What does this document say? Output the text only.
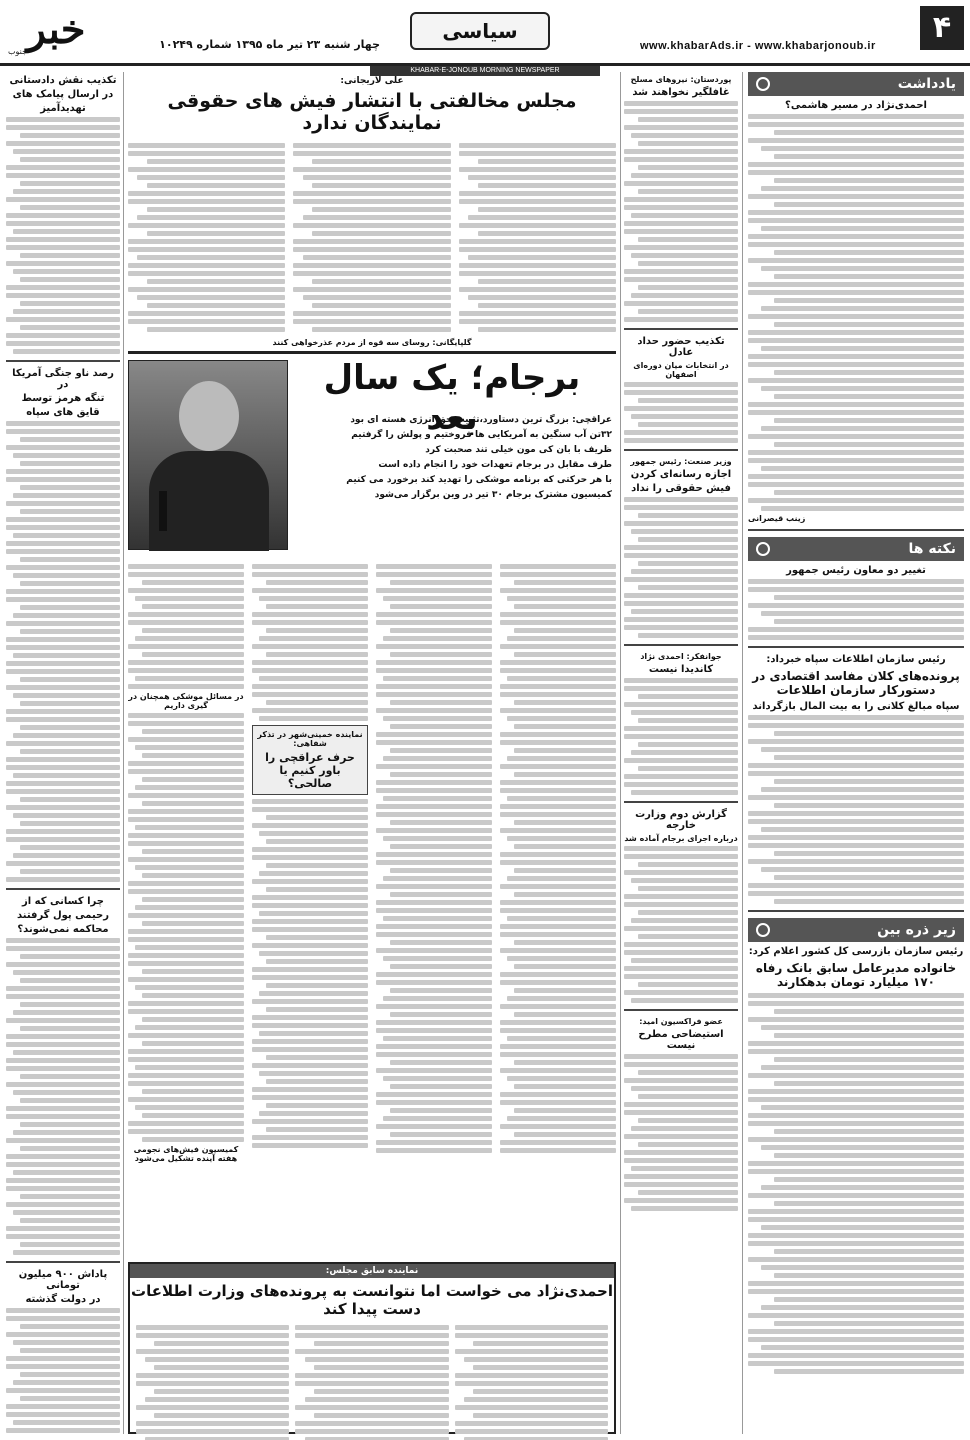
۴
www.khabarAds.ir - www.khabarjonoub.ir
سیاسی
چهار شنبه ۲۳ تیر ماه ۱۳۹۵ شماره ۱۰۲۴۹
خبر
جنوب
KHABAR-E-JONOUB MORNING NEWSPAPER
یادداشت
احمدی‌نژاد در مسیر هاشمی؟
زینب قیصرانی
نکته ها
تغییر دو معاون رئیس جمهور
رئیس سازمان اطلاعات سپاه خبرداد:
پرونده‌های کلان مفاسد اقتصادی در دستورکار سازمان اطلاعات
سپاه مبالغ کلانی را به بیت المال بازگرداند
زیر ذره بین
رئیس سازمان بازرسی کل کشور اعلام کرد:
خانواده مدیرعامل سابق بانک رفاه ۱۷۰ میلیارد تومان بدهکارند
پوردستان: نیروهای مسلح
غافلگیر نخواهند شد
تکذیب حضور حداد عادل
در انتخابات میان دوره‌ای اصفهان
وزیر صنعت: رئیس جمهور
اجازه رسانه‌ای کردن
فیش حقوقی را نداد
جوانفکر: احمدی نژاد
کاندیدا نیست
گزارش دوم وزارت خارجه
درباره اجرای برجام آماده شد
عضو فراکسیون امید:
استیضاحی مطرح نیست
علی لاریجانی:
مجلس مخالفتی با انتشار فیش های حقوقی نمایندگان ندارد
گلپایگانی: روسای سه قوه از مردم عذرخواهی کنند
برجام؛ یک سال بعد
عراقچی: بزرگ ترین دستاورد،تثبیت حق انرژی هسته ای بود
۳۲تن آب سنگین به آمریکایی ها فروختیم و پولش را گرفتیم
ظریف با بان کی مون خیلی تند صحبت کرد
طرف مقابل در برجام تعهدات خود را انجام داده است
با هر حرکتی که برنامه موشکی را تهدید کند برخورد می کنیم
کمیسیون مشترک برجام ۳۰ تیر در وین برگزار می‌شود
نماینده خمینی‌شهر در تذکر شفاهی:
حرف عراقچی را باور کنیم یا صالحی؟
در مسائل موشکی همچنان در گیری داریم
کمیسیون فیش‌های نجومی هفته آینده تشکیل می‌شود
نماینده سابق مجلس:
احمدی‌نژاد می خواست اما نتوانست به پرونده‌های وزارت اطلاعات دست پیدا کند
تکذیب نقش دادستانی
در ارسال پیامک های
تهدیدآمیز
رصد ناو جنگی آمریکا در
تنگه هرمز توسط
قایق های سپاه
چرا کسانی که از
رحیمی پول گرفتند
محاکمه نمی‌شوند؟
پاداش ۹۰۰ میلیون تومانی
در دولت گذشته
